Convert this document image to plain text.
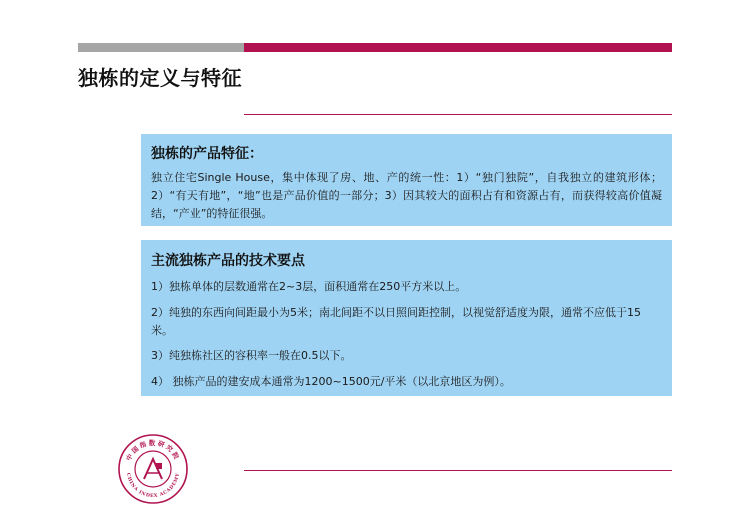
独栋的定义与特征
独栋的产品特征：

独立住宅Single House，集中体现了房、地、产的统一性：1）“独门独院”，自我独立的建筑形体；2）“有天有地”，“地”也是产品价值的一部分；3）因其较大的面积占有和资源占有，而获得较高价值凝结，“产业”的特征很强。

主流独栋产品的技术要点

1）独栋单体的层数通常在2~3层，面积通常在250平方米以上。

2）纯独的东西向间距最小为5米；南北间距不以日照间距控制，以视觉舒适度为限，通常不应低于15米。

3）纯独栋社区的容积率一般在0.5以下。

4） 独栋产品的建安成本通常为1200~1500元/平米（以北京地区为例）。

中国指数研究院
CHINA INDEX ACADEMY
